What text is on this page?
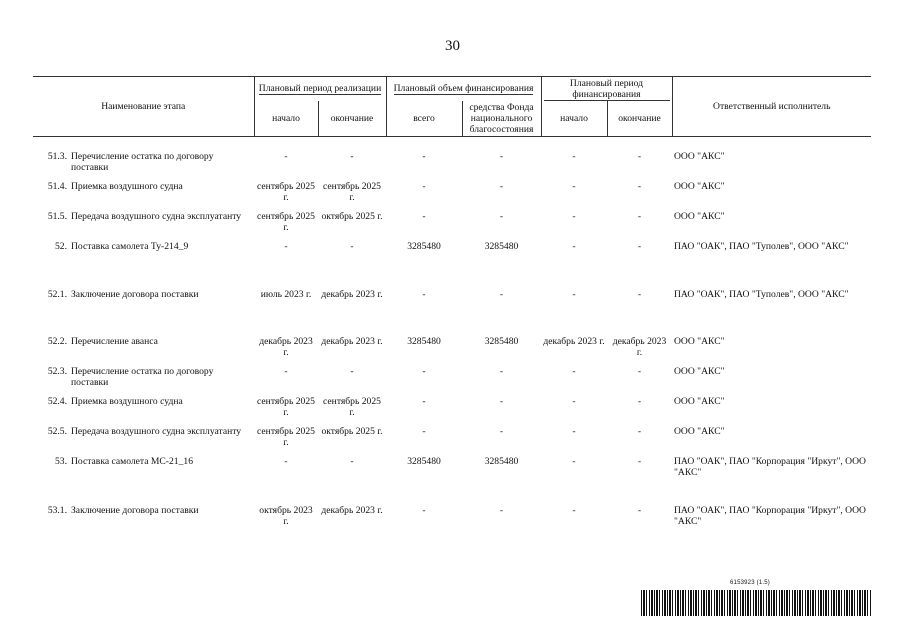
30
Наименование этапа		Плановый период реализации		Плановый объем финансирования		Плановый период финансирования		Ответственный исполнитель
		начало	окончание	всего	средства Фонда национального благосостояния	начало	окончание	

51.3.	Перечисление остатка по договору поставки	-	-	-	-	-	-	ООО "АКС"
51.4.	Приемка воздушного судна	сентябрь 2025 г.	сентябрь 2025 г.	-	-	-	-	ООО "АКС"
51.5.	Передача воздушного судна эксплуатанту	сентябрь 2025 г.	октябрь 2025 г.	-	-	-	-	ООО "АКС"
52.	Поставка самолета Ту-214_9	-	-	3285480	3285480	-	-	ПАО "ОАК", ПАО "Туполев", ООО "АКС"
52.1.	Заключение договора поставки	июль 2023 г.	декабрь 2023 г.	-	-	-	-	ПАО "ОАК", ПАО "Туполев", ООО "АКС"
52.2.	Перечисление аванса	декабрь 2023 г.	декабрь 2023 г.	3285480	3285480	декабрь 2023 г.	декабрь 2023 г.	ООО "АКС"
52.3.	Перечисление остатка по договору поставки	-	-	-	-	-	-	ООО "АКС"
52.4.	Приемка воздушного судна	сентябрь 2025 г.	сентябрь 2025 г.	-	-	-	-	ООО "АКС"
52.5.	Передача воздушного судна эксплуатанту	сентябрь 2025 г.	октябрь 2025 г.	-	-	-	-	ООО "АКС"
53.	Поставка самолета МС-21_16	-	-	3285480	3285480	-	-	ПАО "ОАК", ПАО "Корпорация "Иркут", ООО "АКС"
53.1.	Заключение договора поставки	октябрь 2023 г.	декабрь 2023 г.	-	-	-	-	ПАО "ОАК", ПАО "Корпорация "Иркут", ООО "АКС"
6153923 (1.5)
